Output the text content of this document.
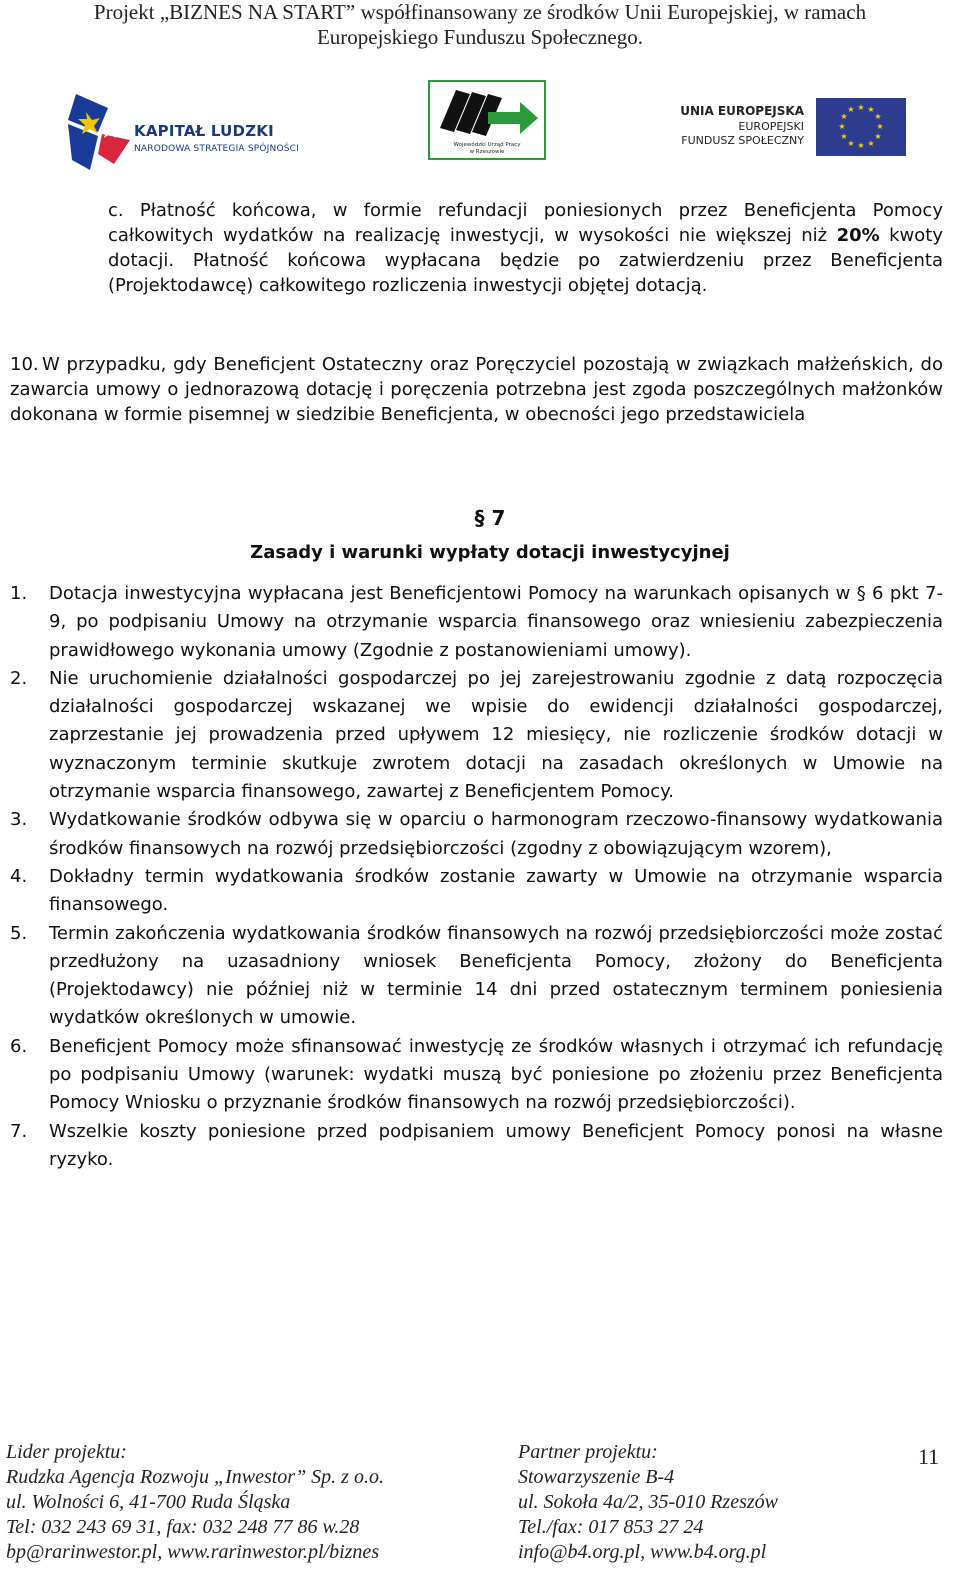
Projekt „BIZNES NA START” współfinansowany ze środków Unii Europejskiej, w ramach
Europejskiego Funduszu Społecznego.
KAPITAŁ LUDZKI
NARODOWA STRATEGIA SPÓJNOŚCI	Wojewódzki Urząd Pracy
w Rzeszowie
UNIA EUROPEJSKA
EUROPEJSKI
FUNDUSZ SPOŁECZNY
★ ★
★
★
★
★
★
★
★
★
★
★
c. Płatność końcowa, w formie refundacji poniesionych przez Beneficjenta Pomocy całkowitych wydatków na realizację inwestycji, w wysokości nie większej niż 20% kwoty dotacji. Płatność końcowa wypłacana będzie po zatwierdzeniu przez Beneficjenta (Projektodawcę) całkowitego rozliczenia inwestycji objętej dotacją.
10. W przypadku, gdy Beneficjent Ostateczny oraz Poręczyciel pozostają w związkach małżeńskich, do zawarcia umowy o jednorazową dotację i poręczenia potrzebna jest zgoda poszczególnych małżonków dokonana w formie pisemnej w siedzibie Beneficjenta, w obecności jego przedstawiciela
§ 7
Zasady i warunki wypłaty dotacji inwestycyjnej
1. Dotacja inwestycyjna wypłacana jest Beneficjentowi Pomocy na warunkach opisanych w § 6 pkt 7-9, po podpisaniu Umowy na otrzymanie wsparcia finansowego oraz wniesieniu zabezpieczenia prawidłowego wykonania umowy (Zgodnie z postanowieniami umowy).
2. Nie uruchomienie działalności gospodarczej po jej zarejestrowaniu zgodnie z datą rozpoczęcia działalności gospodarczej wskazanej we wpisie do ewidencji działalności gospodarczej, zaprzestanie jej prowadzenia przed upływem 12 miesięcy, nie rozliczenie środków dotacji w wyznaczonym terminie skutkuje zwrotem dotacji na zasadach określonych w Umowie na otrzymanie wsparcia finansowego, zawartej z Beneficjentem Pomocy.
3. Wydatkowanie środków odbywa się w oparciu o harmonogram rzeczowo-finansowy wydatkowania środków finansowych na rozwój przedsiębiorczości (zgodny z obowiązującym wzorem),
4. Dokładny termin wydatkowania środków zostanie zawarty w Umowie na otrzymanie wsparcia finansowego.
5. Termin zakończenia wydatkowania środków finansowych na rozwój przedsiębiorczości może zostać przedłużony na uzasadniony wniosek Beneficjenta Pomocy, złożony do Beneficjenta (Projektodawcy) nie później niż w terminie 14 dni przed ostatecznym terminem poniesienia wydatków określonych w umowie.
6. Beneficjent Pomocy może sfinansować inwestycję ze środków własnych i otrzymać ich refundację po podpisaniu Umowy (warunek: wydatki muszą być poniesione po złożeniu przez Beneficjenta Pomocy Wniosku o przyznanie środków finansowych na rozwój przedsiębiorczości).
7. Wszelkie koszty poniesione przed podpisaniem umowy Beneficjent Pomocy ponosi na własne ryzyko.
Lider projektu:
Rudzka Agencja Rozwoju „Inwestor” Sp. z o.o.
ul. Wolności 6, 41-700 Ruda Śląska
Tel: 032 243 69 31, fax: 032 248 77 86 w.28
bp@rarinwestor.pl, www.rarinwestor.pl/biznes
Partner projektu:
Stowarzyszenie B-4
ul. Sokoła 4a/2, 35-010 Rzeszów
Tel./fax: 017 853 27 24
info@b4.org.pl, www.b4.org.pl
11
